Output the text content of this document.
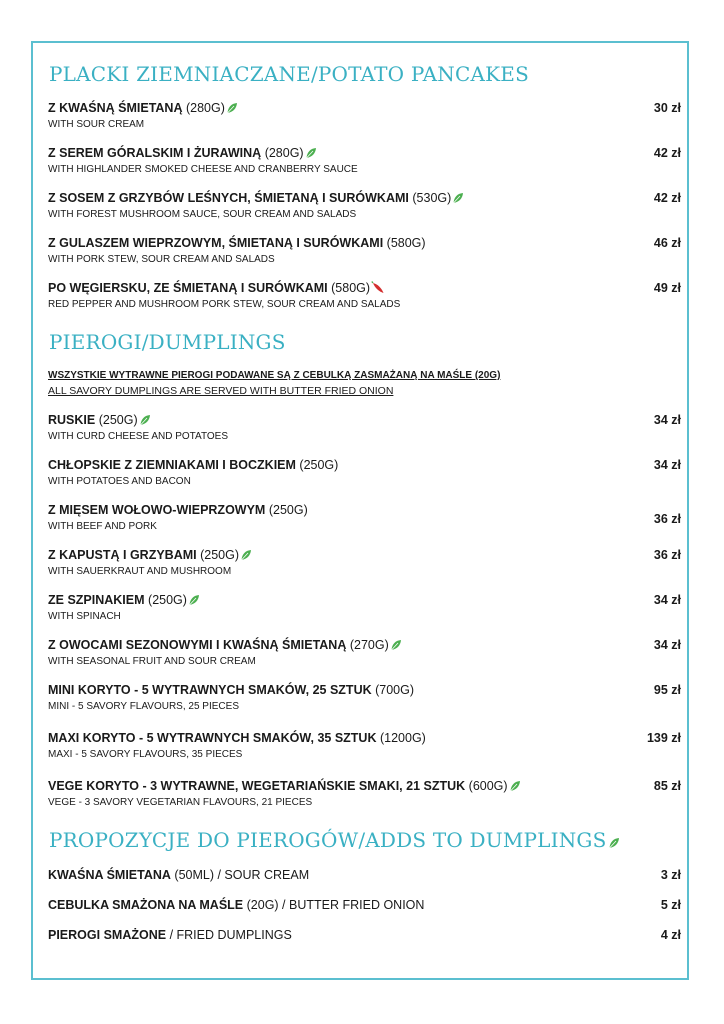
PLACKI ZIEMNIACZANE/POTATO PANCAKES
Z KWAŚNĄ ŚMIETANĄ (280G)
WITH SOUR CREAM
30 zł
Z SEREM GÓRALSKIM I ŻURAWINĄ (280G)
WITH HIGHLANDER SMOKED CHEESE AND CRANBERRY SAUCE
42 zł
Z SOSEM Z GRZYBÓW LEŚNYCH, ŚMIETANĄ I SURÓWKAMI (530G)
WITH FOREST MUSHROOM SAUCE, SOUR CREAM AND SALADS
42 zł
Z GULASZEM WIEPRZOWYM, ŚMIETANĄ I SURÓWKAMI (580G)
WITH PORK STEW, SOUR CREAM AND SALADS
46 zł
PO WĘGIERSKU, ZE ŚMIETANĄ I SURÓWKAMI (580G)
RED PEPPER AND MUSHROOM PORK STEW, SOUR CREAM AND SALADS
49 zł
PIEROGI/DUMPLINGS
WSZYSTKIE WYTRAWNE PIEROGI PODAWANE SĄ Z CEBULKĄ ZASMAŻANĄ NA MAŚLE (20G)
ALL SAVORY DUMPLINGS ARE SERVED WITH BUTTER FRIED ONION
RUSKIE (250G)
WITH CURD CHEESE AND POTATOES
34 zł
CHŁOPSKIE Z ZIEMNIAKAMI I BOCZKIEM (250G)
WITH POTATOES AND BACON
34 zł
Z MIĘSEM WOŁOWO-WIEPRZOWYM (250G)
WITH BEEF AND PORK
36 zł
Z KAPUSTĄ I GRZYBAMI (250G)
WITH SAUERKRAUT AND MUSHROOM
36 zł
ZE SZPINAKIEM (250G)
WITH SPINACH
34 zł
Z OWOCAMI SEZONOWYMI I KWAŚNĄ ŚMIETANĄ (270G)
WITH SEASONAL FRUIT AND SOUR CREAM
34 zł
MINI KORYTO - 5 WYTRAWNYCH SMAKÓW, 25 SZTUK (700G)
MINI - 5 SAVORY FLAVOURS, 25 PIECES
95 zł
MAXI KORYTO - 5 WYTRAWNYCH SMAKÓW, 35 SZTUK (1200G)
MAXI - 5 SAVORY FLAVOURS, 35 PIECES
139 zł
VEGE KORYTO - 3 WYTRAWNE, WEGETARIAŃSKIE SMAKI, 21 SZTUK (600G)
VEGE - 3 SAVORY VEGETARIAN FLAVOURS, 21 PIECES
85 zł
PROPOZYCJE DO PIEROGÓW/ADDS TO DUMPLINGS
KWAŚNA ŚMIETANA (50ML) / SOUR CREAM	3 zł
CEBULKA SMAŻONA NA MAŚLE (20G) / BUTTER FRIED ONION	5 zł
PIEROGI SMAŻONE / FRIED DUMPLINGS	4 zł
